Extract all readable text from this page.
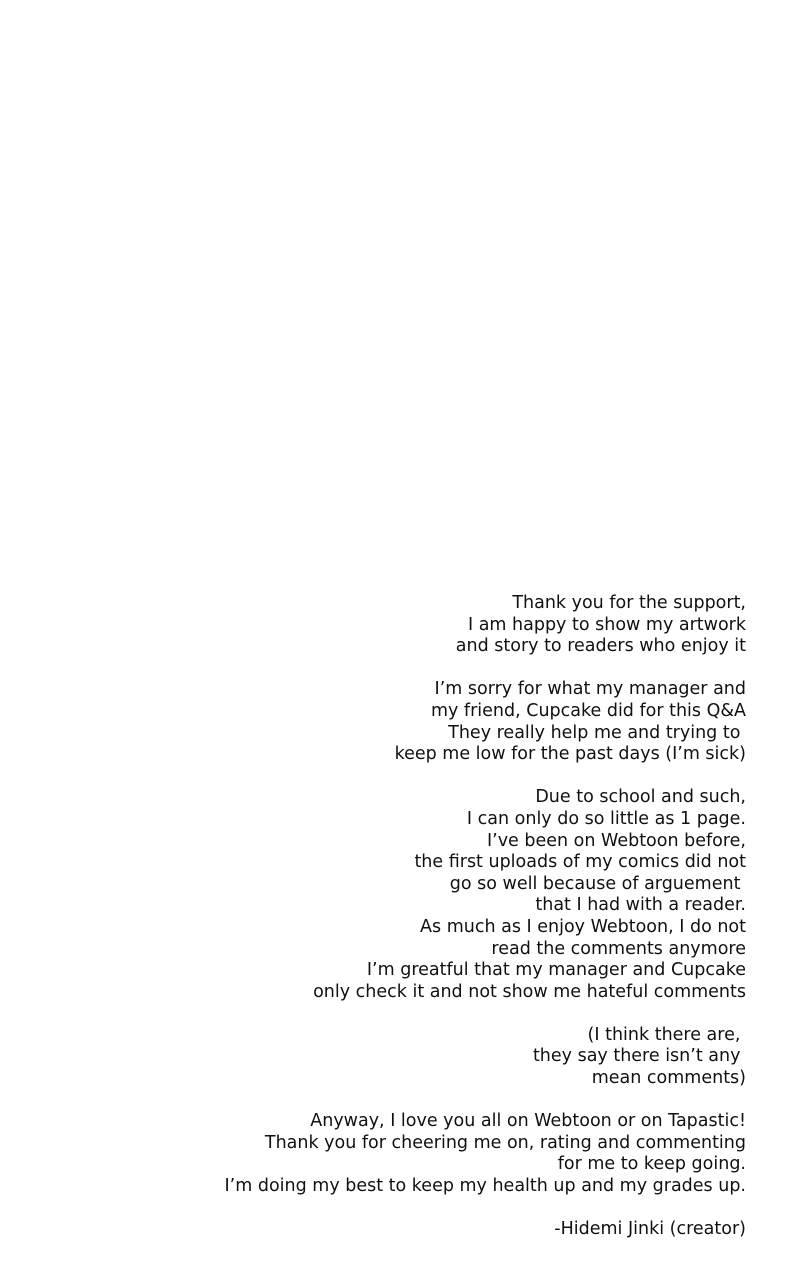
Thank you for the support,
I am happy to show my artwork
and story to readers who enjoy it
I’m sorry for what my manager and
my friend, Cupcake did for this Q&A
They really help me and trying to
keep me low for the past days (I’m sick)
Due to school and such,
I can only do so little as 1 page.
I’ve been on Webtoon before,
the first uploads of my comics did not
go so well because of arguement
that I had with a reader.
As much as I enjoy Webtoon, I do not
read the comments anymore
I’m greatful that my manager and Cupcake
only check it and not show me hateful comments
(I think there are,
they say there isn’t any
mean comments)
Anyway, I love you all on Webtoon or on Tapastic!
Thank you for cheering me on, rating and commenting
for me to keep going.
I’m doing my best to keep my health up and my grades up.
-Hidemi Jinki (creator)
